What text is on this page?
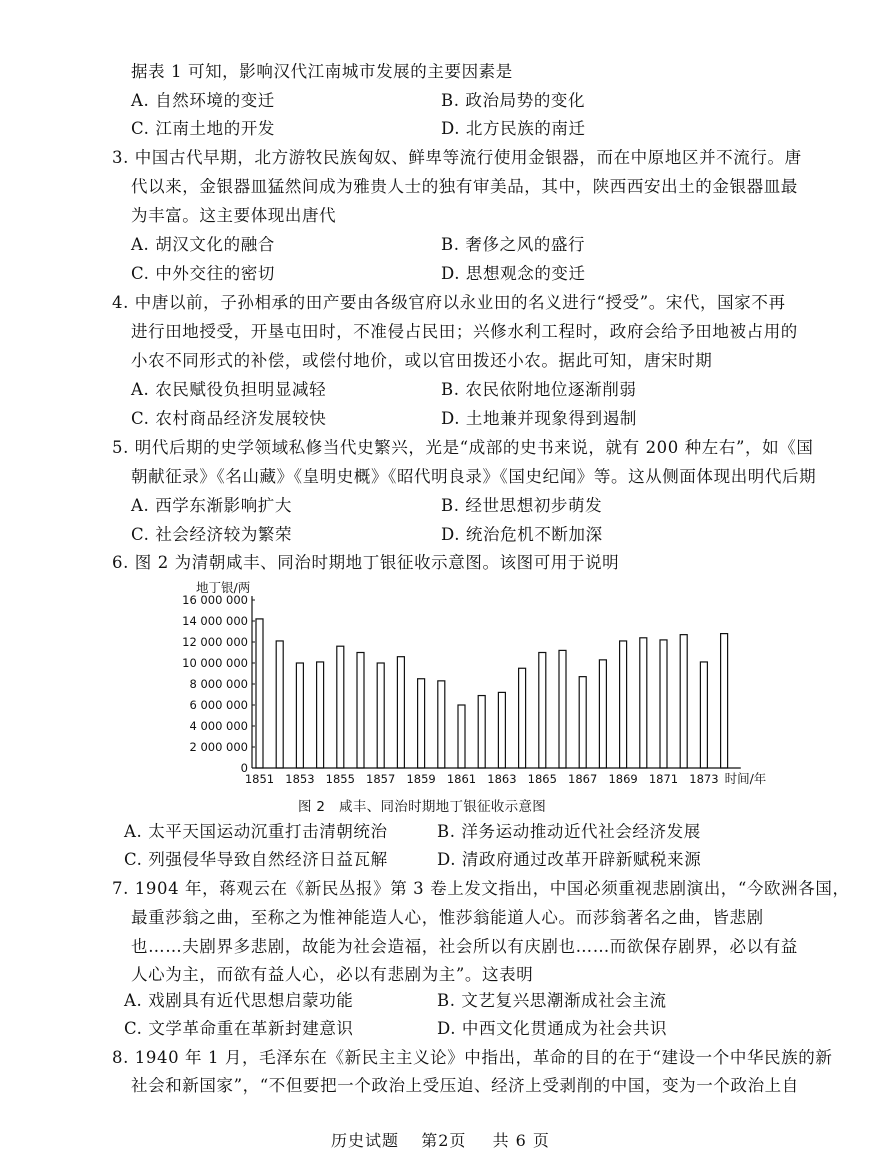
据表 1 可知，影响汉代江南城市发展的主要因素是
A. 自然环境的变迁	B. 政治局势的变化
C. 江南土地的开发	D. 北方民族的南迁
3. 中国古代早期，北方游牧民族匈奴、鲜卑等流行使用金银器，而在中原地区并不流行。唐
代以来，金银器皿猛然间成为雅贵人士的独有审美品，其中，陕西西安出土的金银器皿最
为丰富。这主要体现出唐代
A. 胡汉文化的融合	B. 奢侈之风的盛行
C. 中外交往的密切	D. 思想观念的变迁
4. 中唐以前，子孙相承的田产要由各级官府以永业田的名义进行“授受”。宋代，国家不再
进行田地授受，开垦屯田时，不准侵占民田；兴修水利工程时，政府会给予田地被占用的
小农不同形式的补偿，或偿付地价，或以官田拨还小农。据此可知，唐宋时期
A. 农民赋役负担明显减轻	B. 农民依附地位逐渐削弱
C. 农村商品经济发展较快	D. 土地兼并现象得到遏制
5. 明代后期的史学领域私修当代史繁兴，光是“成部的史书来说，就有 200 种左右”，如《国
朝献征录》《名山藏》《皇明史概》《昭代明良录》《国史纪闻》等。这从侧面体现出明代后期
A. 西学东渐影响扩大	B. 经世思想初步萌发
C. 社会经济较为繁荣	D. 统治危机不断加深
6. 图 2 为清朝咸丰、同治时期地丁银征收示意图。该图可用于说明
地丁银/两
16 000 000
14 000 000
12 000 000
10 000 000
8 000 000
6 000 000
4 000 000
2 000 000
0
1851 1853 1855 1857 1859 1861 1863 1865 1867 1869 1871 1873 时间/年
图 2　咸丰、同治时期地丁银征收示意图
A. 太平天国运动沉重打击清朝统治	B. 洋务运动推动近代社会经济发展
C. 列强侵华导致自然经济日益瓦解	D. 清政府通过改革开辟新赋税来源
7. 1904 年，蒋观云在《新民丛报》第 3 卷上发文指出，中国必须重视悲剧演出，“今欧洲各国，
最重莎翁之曲，至称之为惟神能造人心，惟莎翁能道人心。而莎翁著名之曲，皆悲剧
也……夫剧界多悲剧，故能为社会造福，社会所以有庆剧也……而欲保存剧界，必以有益
人心为主，而欲有益人心，必以有悲剧为主”。这表明
A. 戏剧具有近代思想启蒙功能	B. 文艺复兴思潮渐成社会主流
C. 文学革命重在革新封建意识	D. 中西文化贯通成为社会共识
8. 1940 年 1 月，毛泽东在《新民主主义论》中指出，革命的目的在于“建设一个中华民族的新
社会和新国家”，“不但要把一个政治上受压迫、经济上受剥削的中国，变为一个政治上自
历史试题 第2页 共 6 页
